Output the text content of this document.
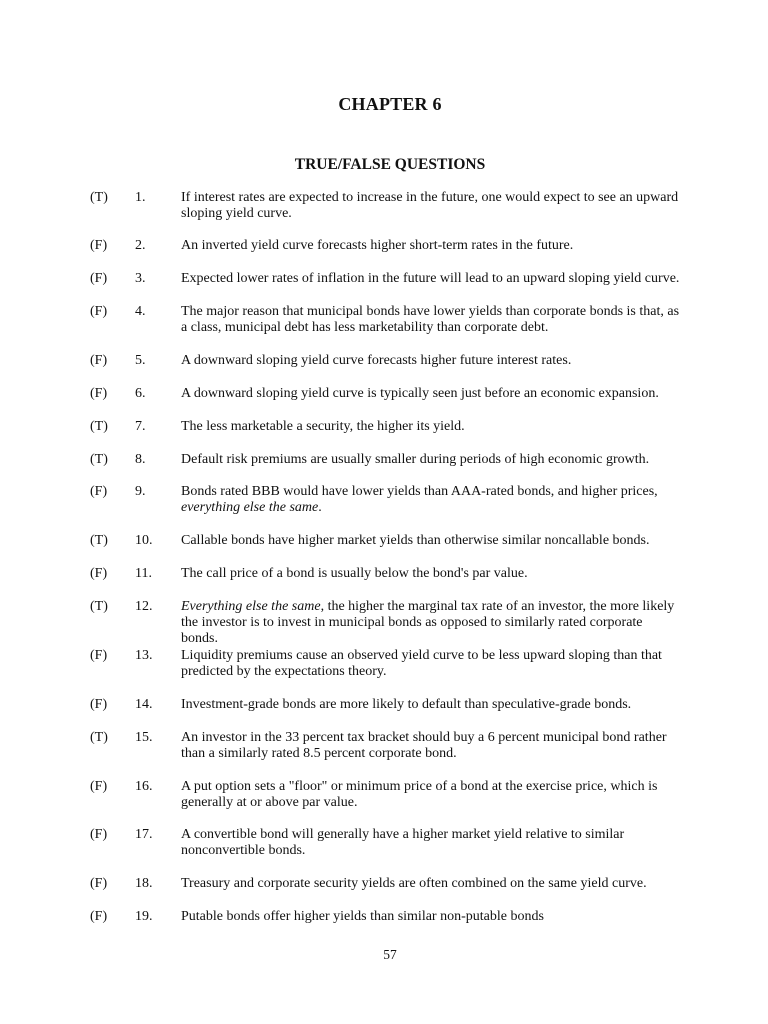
CHAPTER 6
TRUE/FALSE QUESTIONS
(T)	1.	If interest rates are expected to increase in the future, one would expect to see an upward sloping yield curve.
(F)	2.	An inverted yield curve forecasts higher short-term rates in the future.
(F)	3.	Expected lower rates of inflation in the future will lead to an upward sloping yield curve.
(F)	4.	The major reason that municipal bonds have lower yields than corporate bonds is that, as a class, municipal debt has less marketability than corporate debt.
(F)	5.	A downward sloping yield curve forecasts higher future interest rates.
(F)	6.	A downward sloping yield curve is typically seen just before an economic expansion.
(T)	7.	The less marketable a security, the higher its yield.
(T)	8.	Default risk premiums are usually smaller during periods of high economic growth.
(F)	9.	Bonds rated BBB would have lower yields than AAA-rated bonds, and higher prices, everything else the same.
(T)	10.	Callable bonds have higher market yields than otherwise similar noncallable bonds.
(F)	11.	The call price of a bond is usually below the bond's par value.
(T)	12.	Everything else the same, the higher the marginal tax rate of an investor, the more likely the investor is to invest in municipal bonds as opposed to similarly rated corporate bonds.
(F)	13.	Liquidity premiums cause an observed yield curve to be less upward sloping than that predicted by the expectations theory.
(F)	14.	Investment-grade bonds are more likely to default than speculative-grade bonds.
(T)	15.	An investor in the 33 percent tax bracket should buy a 6 percent municipal bond rather than a similarly rated 8.5 percent corporate bond.
(F)	16.	A put option sets a "floor" or minimum price of a bond at the exercise price, which is generally at or above par value.
(F)	17.	A convertible bond will generally have a higher market yield relative to similar nonconvertible bonds.
(F)	18.	Treasury and corporate security yields are often combined on the same yield curve.
(F)	19.	Putable bonds offer higher yields than similar non-putable bonds
57
